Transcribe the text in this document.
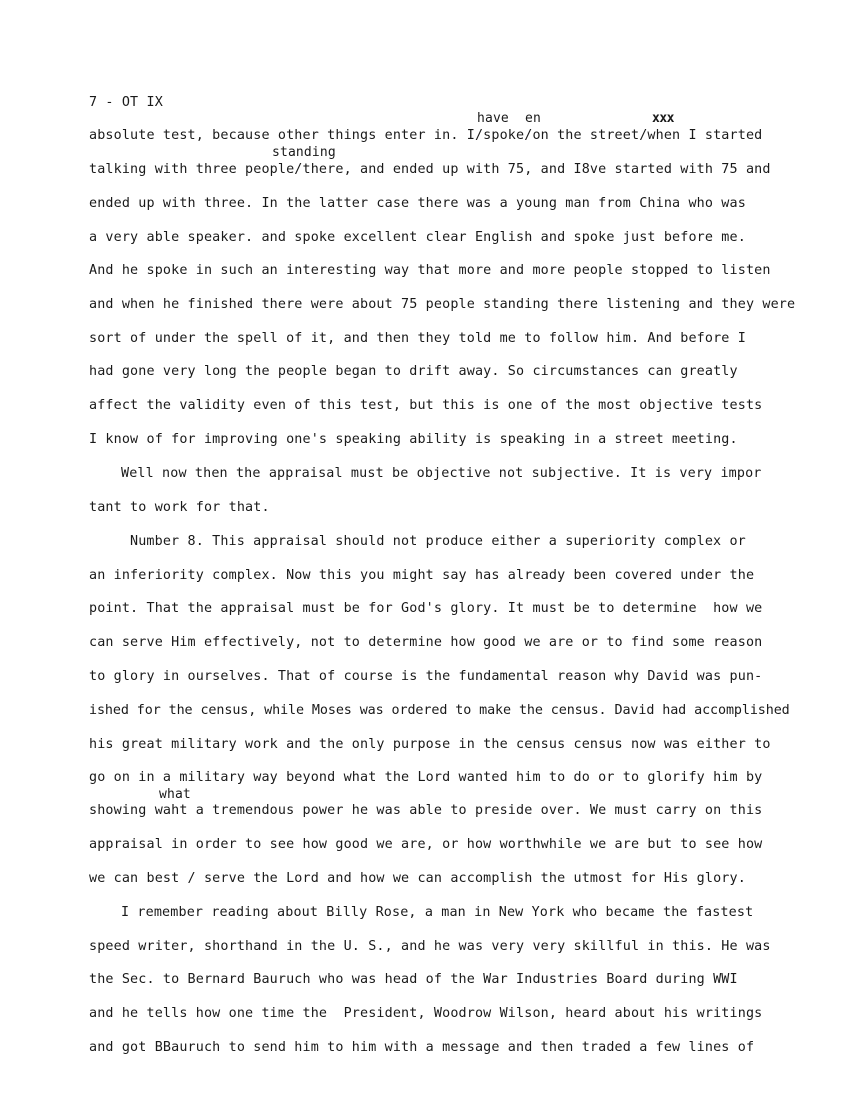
7 - OT IX
have en	xxx
standing
what
absolute test, because other things enter in. I/spoke/on the street/when I started
talking with three people/there, and ended up with 75, and I8ve started with 75 and
ended up with three. In the latter case there was a young man from China who was
a very able speaker. and spoke excellent clear English and spoke just before me.
And he spoke in such an interesting way that more and more people stopped to listen
and when he finished there were about 75 people standing there listening and they were
sort of under the spell of it, and then they told me to follow him. And before I
had gone very long the people began to drift away. So circumstances can greatly
affect the validity even of this test, but this is one of the most objective tests
I know of for improving one's speaking ability is speaking in a street meeting.
Well now then the appraisal must be objective not subjective. It is very impor
tant to work for that.
Number 8. This appraisal should not produce either a superiority complex or
an inferiority complex. Now this you might say has already been covered under the
point. That the appraisal must be for God's glory. It must be to determine  how we
can serve Him effectively, not to determine how good we are or to find some reason
to glory in ourselves. That of course is the fundamental reason why David was pun-
ished for the census, while Moses was ordered to make the census. David had accomplished
his great military work and the only purpose in the census census now was either to
go on in a military way beyond what the Lord wanted him to do or to glorify him by
showing waht a tremendous power he was able to preside over. We must carry on this
appraisal in order to see how good we are, or how worthwhile we are but to see how
we can best / serve the Lord and how we can accomplish the utmost for His glory.
I remember reading about Billy Rose, a man in New York who became the fastest
speed writer, shorthand in the U. S., and he was very very skillful in this. He was
the Sec. to Bernard Bauruch who was head of the War Industries Board during WWI
and he tells how one time the  President, Woodrow Wilson, heard about his writings
and got BBauruch to send him to him with a message and then traded a few lines of
